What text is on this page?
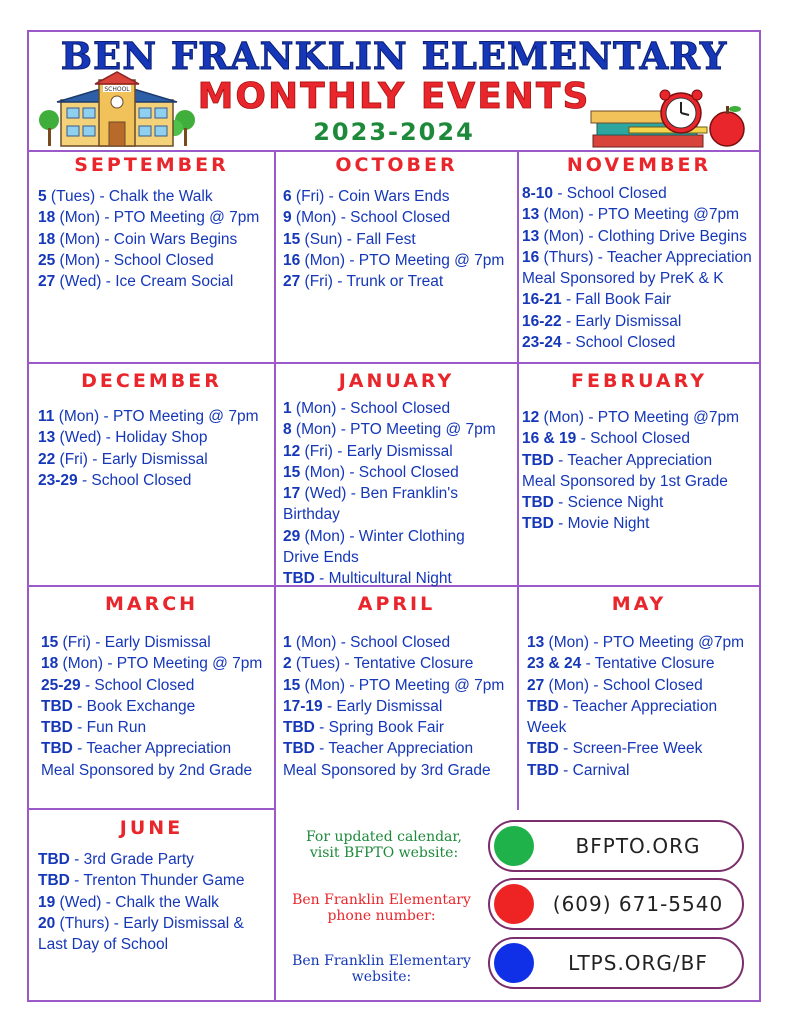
SCHOOL
BEN FRANKLIN ELEMENTARY
MONTHLY EVENTS
2023-2024
SEPTEMBER
5 (Tues) - Chalk the Walk
18 (Mon) - PTO Meeting @ 7pm
18 (Mon) - Coin Wars Begins
25 (Mon) - School Closed
27 (Wed) - Ice Cream Social
OCTOBER
6 (Fri) - Coin Wars Ends
9 (Mon) - School Closed
15 (Sun) - Fall Fest
16 (Mon) - PTO Meeting @ 7pm
27 (Fri) - Trunk or Treat
NOVEMBER
8-10 - School Closed
13 (Mon) - PTO Meeting @7pm
13 (Mon) - Clothing Drive Begins
16 (Thurs) - Teacher Appreciation
Meal Sponsored by PreK & K
16-21 - Fall Book Fair
16-22 - Early Dismissal
23-24 - School Closed
DECEMBER
11 (Mon) - PTO Meeting @ 7pm
13 (Wed) - Holiday Shop
22 (Fri) - Early Dismissal
23-29 - School Closed
JANUARY
1 (Mon) - School Closed
8 (Mon) - PTO Meeting @ 7pm
12 (Fri) - Early Dismissal
15 (Mon) - School Closed
17 (Wed) - Ben Franklin's
Birthday
29 (Mon) - Winter Clothing
Drive Ends
TBD - Multicultural Night
FEBRUARY
12 (Mon) - PTO Meeting @7pm
16 & 19 - School Closed
TBD - Teacher Appreciation
Meal Sponsored by 1st Grade
TBD - Science Night
TBD - Movie Night
MARCH
15 (Fri) - Early Dismissal
18 (Mon) - PTO Meeting @ 7pm
25-29 - School Closed
TBD - Book Exchange
TBD - Fun Run
TBD - Teacher Appreciation
Meal Sponsored by 2nd Grade
APRIL
1 (Mon) - School Closed
2 (Tues) - Tentative Closure
15 (Mon) - PTO Meeting @ 7pm
17-19 - Early Dismissal
TBD - Spring Book Fair
TBD - Teacher Appreciation
Meal Sponsored by 3rd Grade
MAY
13 (Mon) - PTO Meeting @7pm
23 & 24 - Tentative Closure
27 (Mon) - School Closed
TBD - Teacher Appreciation
Week
TBD - Screen-Free Week
TBD - Carnival
JUNE
TBD - 3rd Grade Party
TBD - Trenton Thunder Game
19 (Wed) - Chalk the Walk
20 (Thurs) - Early Dismissal &
Last Day of School
For updated calendar,
visit BFPTO website:	BFPTO.ORG
Ben Franklin Elementary
phone number:	(609) 671-5540
Ben Franklin Elementary
website:
LTPS.ORG/BF
